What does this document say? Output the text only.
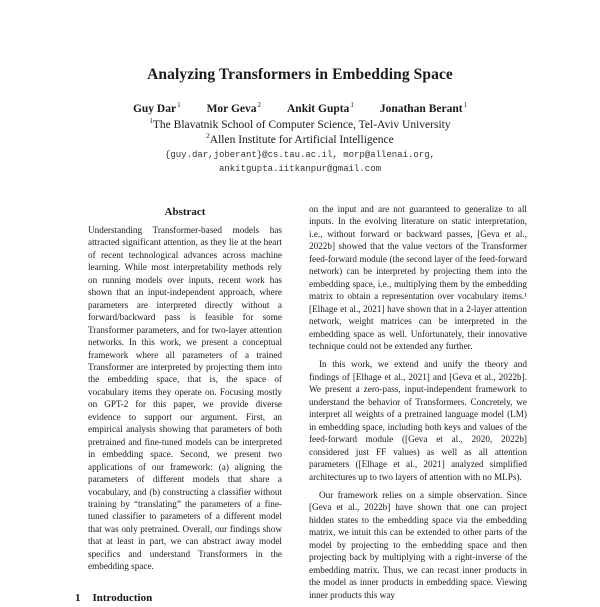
Analyzing Transformers in Embedding Space
Guy Dar$^1$ Mor Geva$^2$ Ankit Gupta$^1$ Jonathan Berant$^1$
$^1$The Blavatnik School of Computer Science, Tel-Aviv University
$^2$Allen Institute for Artificial Intelligence
{guy.dar,joberant}@cs.tau.ac.il, morp@allenai.org,
ankitgupta.iitkanpur@gmail.com
Abstract
Understanding Transformer-based models has attracted significant attention, as they lie at the heart of recent technological advances across machine learning. While most interpretability methods rely on running models over inputs, recent work has shown that an input-independent approach, where parameters are interpreted directly without a forward/backward pass is feasible for some Transformer parameters, and for two-layer attention networks. In this work, we present a conceptual framework where all parameters of a trained Transformer are interpreted by projecting them into the embedding space, that is, the space of vocabulary items they operate on. Focusing mostly on GPT-2 for this paper, we provide diverse evidence to support our argument. First, an empirical analysis showing that parameters of both pretrained and fine-tuned models can be interpreted in embedding space. Second, we present two applications of our framework: (a) aligning the parameters of different models that share a vocabulary, and (b) constructing a classifier without training by “translating” the parameters of a fine-tuned classifier to parameters of a different model that was only pretrained. Overall, our findings show that at least in part, we can abstract away model specifics and understand Transformers in the embedding space.

on the input and are not guaranteed to generalize to all inputs. In the evolving literature on static interpretation, i.e., without forward or backward passes, [Geva et al., 2022b] showed that the value vectors of the Transformer feed-forward module (the second layer of the feed-forward network) can be interpreted by projecting them into the embedding space, i.e., multiplying them by the embedding matrix to obtain a representation over vocabulary items.¹ [Elhage et al., 2021] have shown that in a 2-layer attention network, weight matrices can be interpreted in the embedding space as well. Unfortunately, their innovative technique could not be extended any further.

In this work, we extend and unify the theory and findings of [Elhage et al., 2021] and [Geva et al., 2022b]. We present a zero-pass, input-independent framework to understand the behavior of Transformers. Concretely, we interpret all weights of a pretrained language model (LM) in embedding space, including both keys and values of the feed-forward module ([Geva et al., 2020, 2022b] considered just FF values) as well as all attention parameters ([Elhage et al., 2021] analyzed simplified architectures up to two layers of attention with no MLPs).

Our framework relies on a simple observation. Since [Geva et al., 2022b] have shown that one can project hidden states to the embedding space via the embedding matrix, we intuit this can be extended to other parts of the model by projecting to the embedding space and then projecting back by multiplying with a right-inverse of the embedding matrix. Thus, we can recast inner products in the model as inner products in embedding space. Viewing inner products this way

1 Introduction
